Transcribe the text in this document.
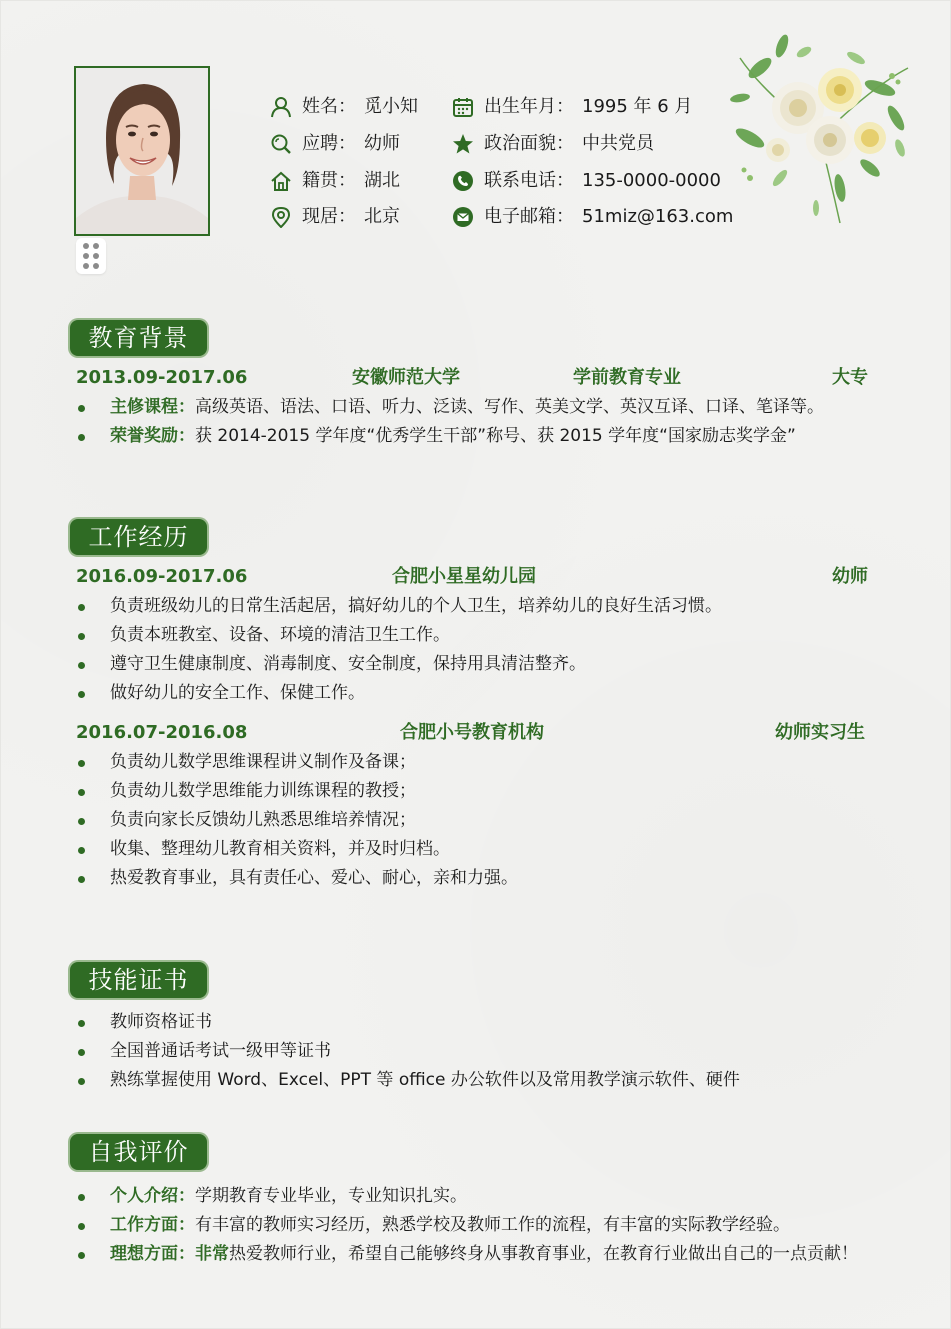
姓名： 觅小知	出生年月： 1995 年 6 月
应聘： 幼师	政治面貌： 中共党员
籍贯： 湖北	联系电话： 135-0000-0000
现居： 北京	电子邮箱： 51miz@163.com
教育背景
2013.09-2017.06	安徽师范大学	学前教育专业	大专
主修课程：高级英语、语法、口语、听力、泛读、写作、英美文学、英汉互译、口译、笔译等。
荣誉奖励：获 2014-2015 学年度“优秀学生干部”称号、获 2015 学年度“国家励志奖学金”
工作经历
2016.09-2017.06	合肥小星星幼儿园	幼师
负责班级幼儿的日常生活起居，搞好幼儿的个人卫生，培养幼儿的良好生活习惯。
负责本班教室、设备、环境的清洁卫生工作。
遵守卫生健康制度、消毒制度、安全制度，保持用具清洁整齐。
做好幼儿的安全工作、保健工作。
2016.07-2016.08	合肥小号教育机构	幼师实习生
负责幼儿数学思维课程讲义制作及备课；
负责幼儿数学思维能力训练课程的教授；
负责向家长反馈幼儿熟悉思维培养情况；
收集、整理幼儿教育相关资料，并及时归档。
热爱教育事业，具有责任心、爱心、耐心，亲和力强。
技能证书
教师资格证书
全国普通话考试一级甲等证书
熟练掌握使用 Word、Excel、PPT 等 office 办公软件以及常用教学演示软件、硬件
自我评价
个人介绍：学期教育专业毕业，专业知识扎实。
工作方面：有丰富的教师实习经历，熟悉学校及教师工作的流程，有丰富的实际教学经验。
理想方面：非常热爱教师行业，希望自己能够终身从事教育事业，在教育行业做出自己的一点贡献！
